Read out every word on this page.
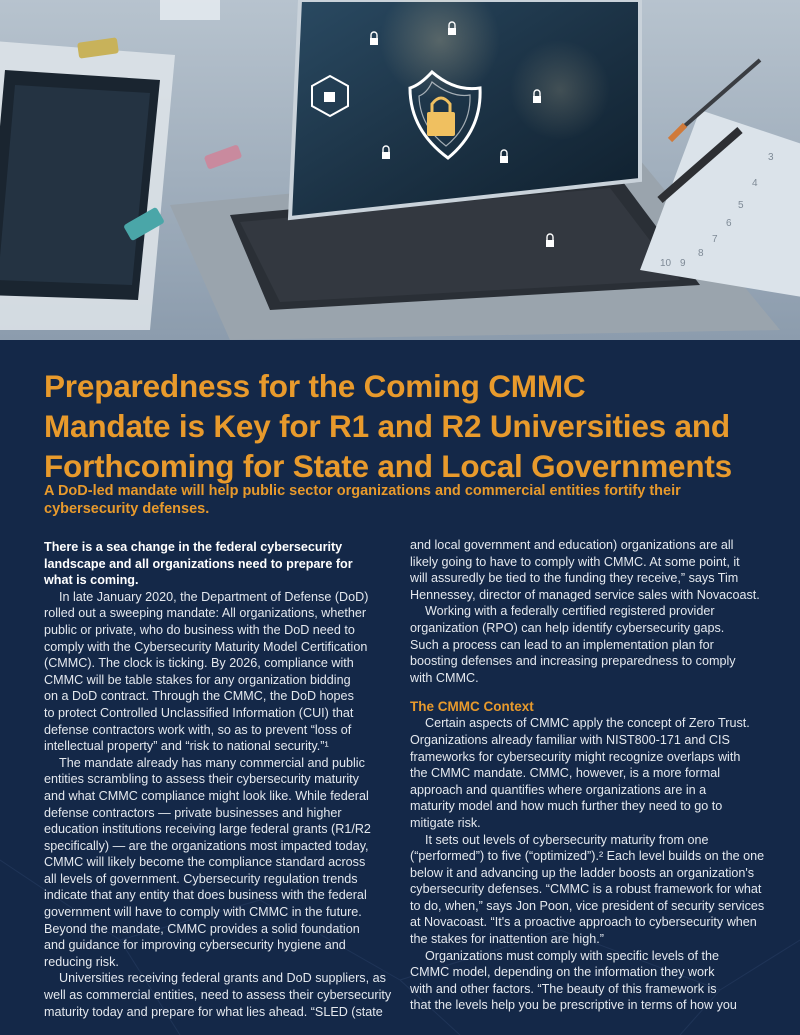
3
4
5
6
7
8
9
10
Preparedness for the Coming CMMC
Mandate is Key for R1 and R2 Universities and
Forthcoming for State and Local Governments

A DoD-led mandate will help public sector organizations and commercial entities fortify their
cybersecurity defenses.

There is a sea change in the federal cybersecurity
landscape and all organizations need to prepare for
what is coming.
In late January 2020, the Department of Defense (DoD)
rolled out a sweeping mandate: All organizations, whether
public or private, who do business with the DoD need to
comply with the Cybersecurity Maturity Model Certification
(CMMC). The clock is ticking. By 2026, compliance with
CMMC will be table stakes for any organization bidding
on a DoD contract. Through the CMMC, the DoD hopes
to protect Controlled Unclassified Information (CUI) that
defense contractors work with, so as to prevent “loss of
intellectual property” and “risk to national security.”¹
The mandate already has many commercial and public
entities scrambling to assess their cybersecurity maturity
and what CMMC compliance might look like. While federal
defense contractors — private businesses and higher
education institutions receiving large federal grants (R1/R2
specifically) — are the organizations most impacted today,
CMMC will likely become the compliance standard across
all levels of government. Cybersecurity regulation trends
indicate that any entity that does business with the federal
government will have to comply with CMMC in the future.
Beyond the mandate, CMMC provides a solid foundation
and guidance for improving cybersecurity hygiene and
reducing risk.
Universities receiving federal grants and DoD suppliers, as
well as commercial entities, need to assess their cybersecurity
maturity today and prepare for what lies ahead. “SLED (state
and local government and education) organizations are all
likely going to have to comply with CMMC. At some point, it
will assuredly be tied to the funding they receive,” says Tim
Hennessey, director of managed service sales with Novacoast.
Working with a federally certified registered provider
organization (RPO) can help identify cybersecurity gaps.
Such a process can lead to an implementation plan for
boosting defenses and increasing preparedness to comply
with CMMC.
The CMMC Context
Certain aspects of CMMC apply the concept of Zero Trust.
Organizations already familiar with NIST800-171 and CIS
frameworks for cybersecurity might recognize overlaps with
the CMMC mandate. CMMC, however, is a more formal
approach and quantifies where organizations are in a
maturity model and how much further they need to go to
mitigate risk.
It sets out levels of cybersecurity maturity from one
(“performed”) to five (“optimized”).² Each level builds on the one
below it and advancing up the ladder boosts an organization's
cybersecurity defenses. “CMMC is a robust framework for what
to do, when,” says Jon Poon, vice president of security services
at Novacoast. “It's a proactive approach to cybersecurity when
the stakes for inattention are high.”
Organizations must comply with specific levels of the
CMMC model, depending on the information they work
with and other factors. “The beauty of this framework is
that the levels help you be prescriptive in terms of how you
